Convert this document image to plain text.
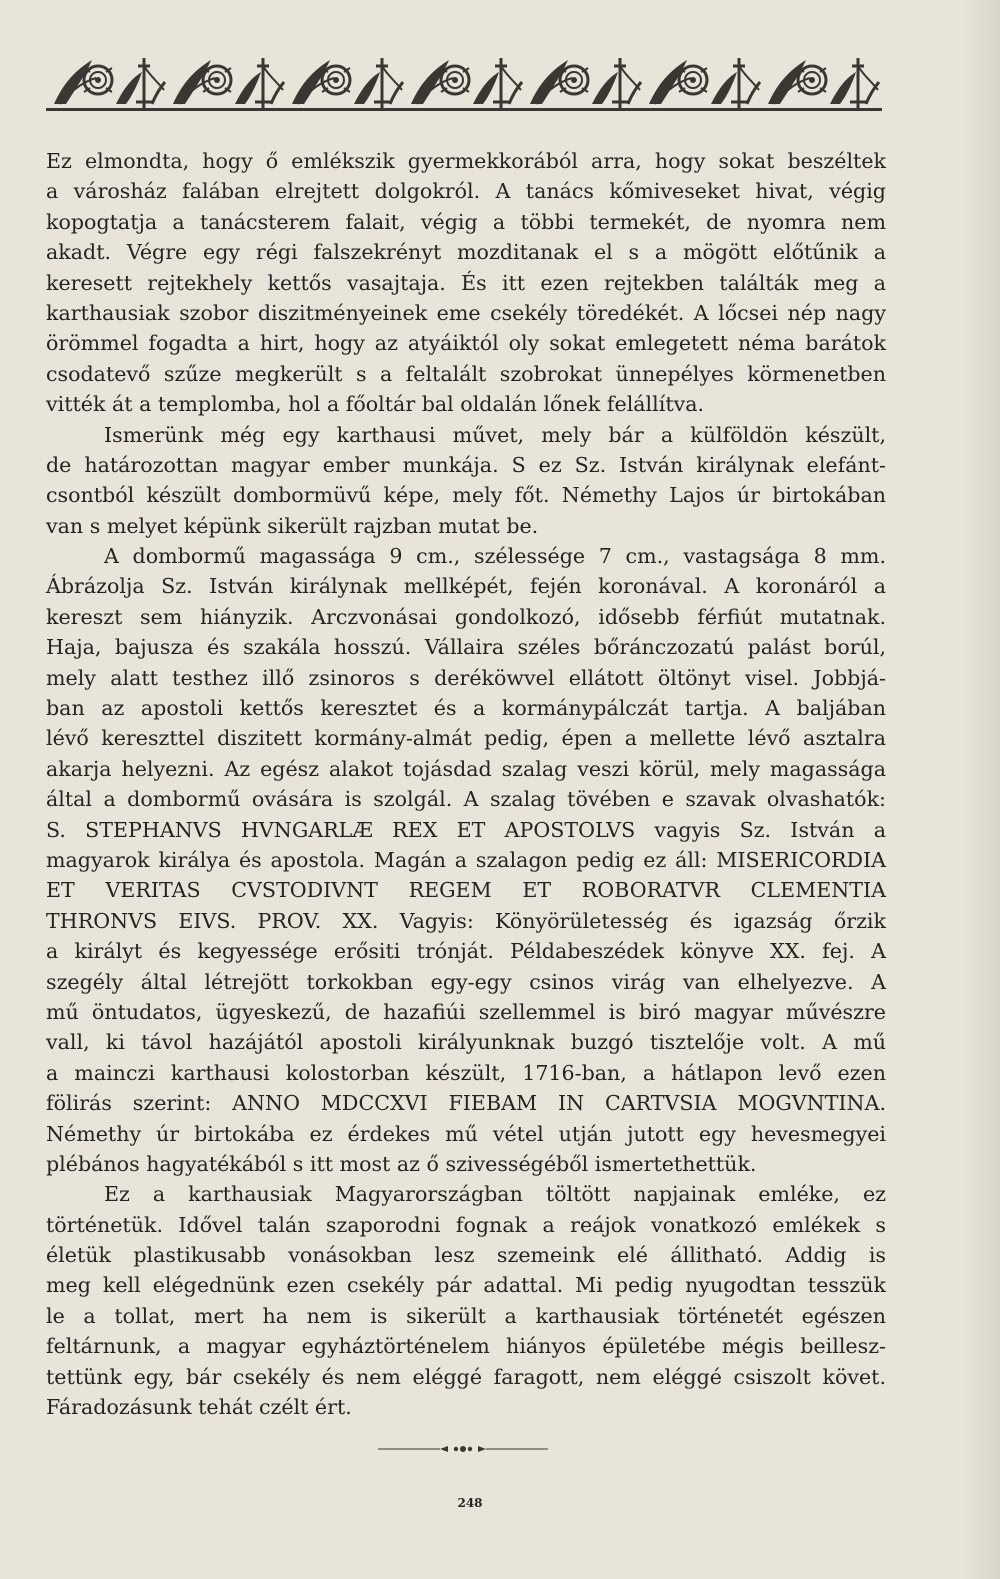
Ez elmondta, hogy ő emlékszik gyermekkorából arra, hogy sokat beszéltek
a városház falában elrejtett dolgokról. A tanács kőmiveseket hivat, végig
kopogtatja a tanácsterem falait, végig a többi termekét, de nyomra nem
akadt. Végre egy régi falszekrényt mozditanak el s a mögött előtűnik a
keresett rejtekhely kettős vasajtaja. És itt ezen rejtekben találták meg a
karthausiak szobor diszitményeinek eme csekély töredékét. A lőcsei nép nagy
örömmel fogadta a hirt, hogy az atyáiktól oly sokat emlegetett néma barátok
csodatevő szűze megkerült s a feltalált szobrokat ünnepélyes körmenetben
vitték át a templomba, hol a főoltár bal oldalán lőnek felállítva.
Ismerünk még egy karthausi művet, mely bár a külföldön készült,
de határozottan magyar ember munkája. S ez Sz. István királynak elefánt-
csontból készült dombormüvű képe, mely főt. Némethy Lajos úr birtokában
van s melyet képünk sikerült rajzban mutat be.
A dombormű magassága 9 cm., szélessége 7 cm., vastagsága 8 mm.
Ábrázolja Sz. István királynak mellképét, fején koronával. A koronáról a
kereszt sem hiányzik. Arczvonásai gondolkozó, idősebb férfiút mutatnak.
Haja, bajusza és szakála hosszú. Vállaira széles bőránczozatú palást borúl,
mely alatt testhez illő zsinoros s deréköwvel ellátott öltönyt visel. Jobbjá-
ban az apostoli kettős keresztet és a kormánypálczát tartja. A baljában
lévő kereszttel diszitett kormány-almát pedig, épen a mellette lévő asztalra
akarja helyezni. Az egész alakot tojásdad szalag veszi körül, mely magassága
által a dombormű ovására is szolgál. A szalag tövében e szavak olvashatók:
S. STEPHANVS HVNGARLÆ REX ET APOSTOLVS vagyis Sz. István a
magyarok királya és apostola. Magán a szalagon pedig ez áll: MISERICORDIA
ET VERITAS CVSTODIVNT REGEM ET ROBORATVR CLEMENTIA
THRONVS EIVS. PROV. XX. Vagyis: Könyörületesség és igazság őrzik
a királyt és kegyessége erősiti trónját. Példabeszédek könyve XX. fej. A
szegély által létrejött torkokban egy-egy csinos virág van elhelyezve. A
mű öntudatos, ügyeskezű, de hazafiúi szellemmel is biró magyar művészre
vall, ki távol hazájától apostoli királyunknak buzgó tisztelője volt. A mű
a mainczi karthausi kolostorban készült, 1716-ban, a hátlapon levő ezen
fölirás szerint: ANNO MDCCXVI FIEBAM IN CARTVSIA MOGVNTINA.
Némethy úr birtokába ez érdekes mű vétel utján jutott egy hevesmegyei
plébános hagyatékából s itt most az ő szivességéből ismertethettük.
Ez a karthausiak Magyarországban töltött napjainak emléke, ez
történetük. Idővel talán szaporodni fognak a reájok vonatkozó emlékek s
életük plastikusabb vonásokban lesz szemeink elé állitható. Addig is
meg kell elégednünk ezen csekély pár adattal. Mi pedig nyugodtan tesszük
le a tollat, mert ha nem is sikerült a karthausiak történetét egészen
feltárnunk, a magyar egyháztörténelem hiányos épületébe mégis beillesz-
tettünk egy, bár csekély és nem eléggé faragott, nem eléggé csiszolt követ.
Fáradozásunk tehát czélt ért.
248
